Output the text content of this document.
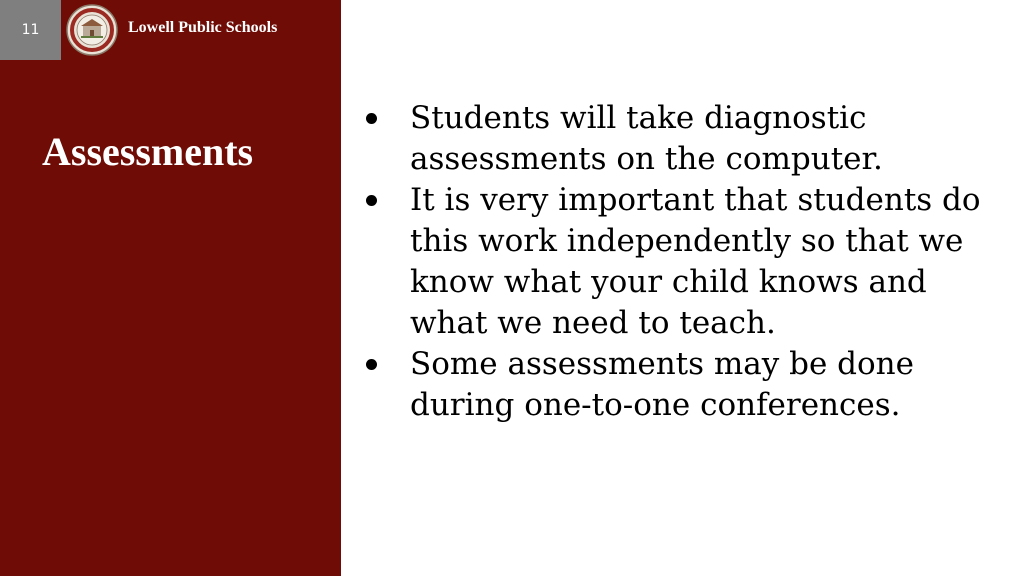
11	Lowell Public Schools
Assessments
Students will take diagnostic assessments on the computer.
It is very important that students do this work independently so that we know what your child knows and what we need to teach.
Some assessments may be done during one-to-one conferences.
